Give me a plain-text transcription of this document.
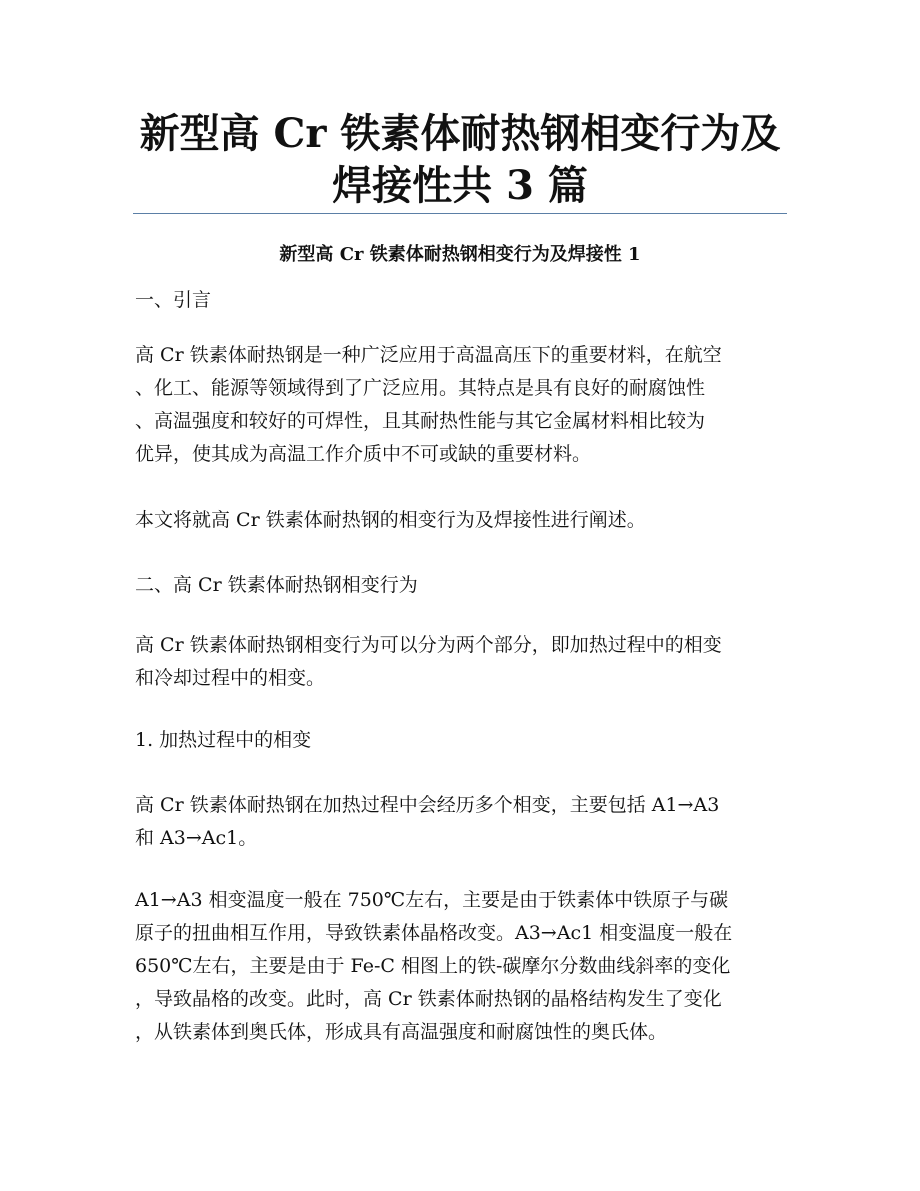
新型高 Cr 铁素体耐热钢相变行为及
焊接性共 3 篇
新型高 Cr 铁素体耐热钢相变行为及焊接性 1
一、引言
高 Cr 铁素体耐热钢是一种广泛应用于高温高压下的重要材料，在航空
、化工、能源等领域得到了广泛应用。其特点是具有良好的耐腐蚀性
、高温强度和较好的可焊性，且其耐热性能与其它金属材料相比较为
优异，使其成为高温工作介质中不可或缺的重要材料。
本文将就高 Cr 铁素体耐热钢的相变行为及焊接性进行阐述。
二、高 Cr 铁素体耐热钢相变行为
高 Cr 铁素体耐热钢相变行为可以分为两个部分，即加热过程中的相变
和冷却过程中的相变。
1. 加热过程中的相变
高 Cr 铁素体耐热钢在加热过程中会经历多个相变，主要包括 A1→A3
和 A3→Ac1。
A1→A3 相变温度一般在 750℃左右，主要是由于铁素体中铁原子与碳
原子的扭曲相互作用，导致铁素体晶格改变。A3→Ac1 相变温度一般在
650℃左右，主要是由于 Fe-C 相图上的铁-碳摩尔分数曲线斜率的变化
，导致晶格的改变。此时，高 Cr 铁素体耐热钢的晶格结构发生了变化
，从铁素体到奥氏体，形成具有高温强度和耐腐蚀性的奥氏体。
